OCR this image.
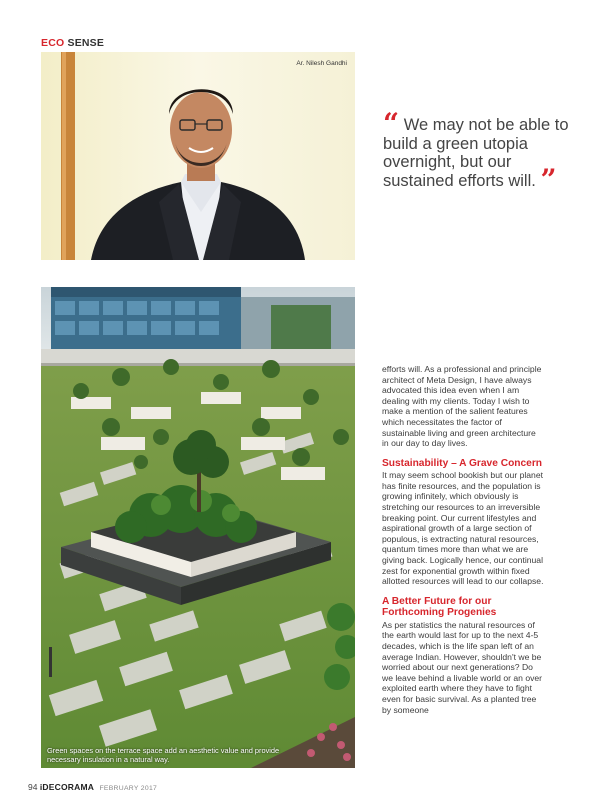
ECO SENSE
Ar. Nilesh Gandhi
“ We may not be able to build a green utopia overnight, but our sustained efforts will. ”
Green spaces on the terrace space add an aesthetic value and provide necessary insulation in a natural way.

efforts will. As a professional and principle architect of Meta Design, I have always advocated this idea even when I am dealing with my clients. Today I wish to make a mention of the salient features which necessitates the factor of sustainable living and green architecture in our day to day lives.

Sustainability – A Grave Concern

It may seem school bookish but our planet has finite resources, and the population is growing infinitely, which obviously is stretching our resources to an irreversible breaking point. Our current lifestyles and aspirational growth of a large section of populous, is extracting natural resources, quantum times more than what we are giving back. Logically hence, our continual zest for exponential growth within fixed allotted resources will lead to our collapse.

A Better Future for our Forthcoming Progenies

As per statistics the natural resources of the earth would last for up to the next 4-5 decades, which is the life span left of an average Indian. However, shouldn't we be worried about our next generations? Do we leave behind a livable world or an over exploited earth where they have to fight even for basic survival. As a planted tree by someone

94 iDECORAMA FEBRUARY 2017
